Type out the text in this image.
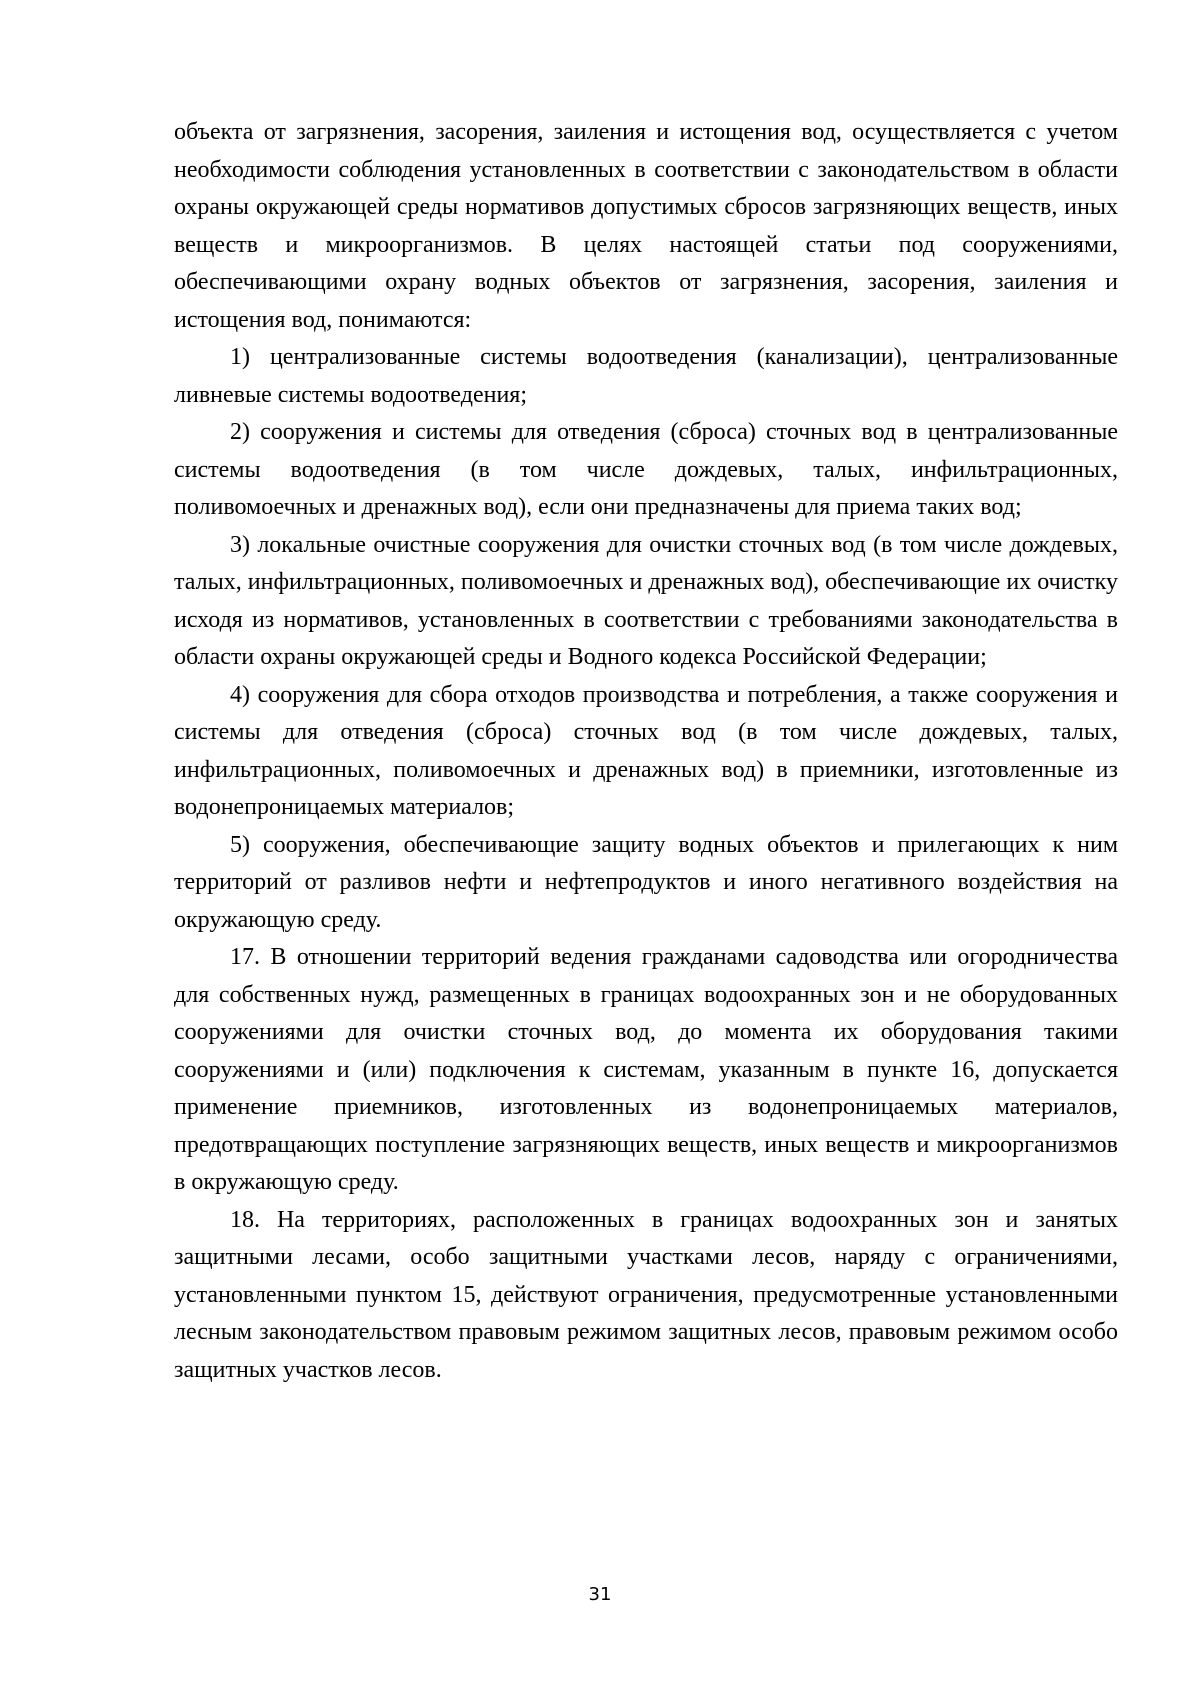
объекта от загрязнения, засорения, заиления и истощения вод, осуществляется с учетом необходимости соблюдения установленных в соответствии с законодательством в области охраны окружающей среды нормативов допустимых сбросов загрязняющих веществ, иных веществ и микроорганизмов. В целях настоящей статьи под сооружениями, обеспечивающими охрану водных объектов от загрязнения, засорения, заиления и истощения вод, понимаются:

1) централизованные системы водоотведения (канализации), централизованные ливневые системы водоотведения;

2) сооружения и системы для отведения (сброса) сточных вод в централизованные системы водоотведения (в том числе дождевых, талых, инфильтрационных, поливомоечных и дренажных вод), если они предназначены для приема таких вод;

3) локальные очистные сооружения для очистки сточных вод (в том числе дождевых, талых, инфильтрационных, поливомоечных и дренажных вод), обеспечивающие их очистку исходя из нормативов, установленных в соответствии с требованиями законодательства в области охраны окружающей среды и Водного кодекса Российской Федерации;

4) сооружения для сбора отходов производства и потребления, а также сооружения и системы для отведения (сброса) сточных вод (в том числе дождевых, талых, инфильтрационных, поливомоечных и дренажных вод) в приемники, изготовленные из водонепроницаемых материалов;

5) сооружения, обеспечивающие защиту водных объектов и прилегающих к ним территорий от разливов нефти и нефтепродуктов и иного негативного воздействия на окружающую среду.

17. В отношении территорий ведения гражданами садоводства или огородничества для собственных нужд, размещенных в границах водоохранных зон и не оборудованных сооружениями для очистки сточных вод, до момента их оборудования такими сооружениями и (или) подключения к системам, указанным в пункте 16, допускается применение приемников, изготовленных из водонепроницаемых материалов, предотвращающих поступление загрязняющих веществ, иных веществ и микроорганизмов в окружающую среду.

18. На территориях, расположенных в границах водоохранных зон и занятых защитными лесами, особо защитными участками лесов, наряду с ограничениями, установленными пунктом 15, действуют ограничения, предусмотренные установленными лесным законодательством правовым режимом защитных лесов, правовым режимом особо защитных участков лесов.

31
